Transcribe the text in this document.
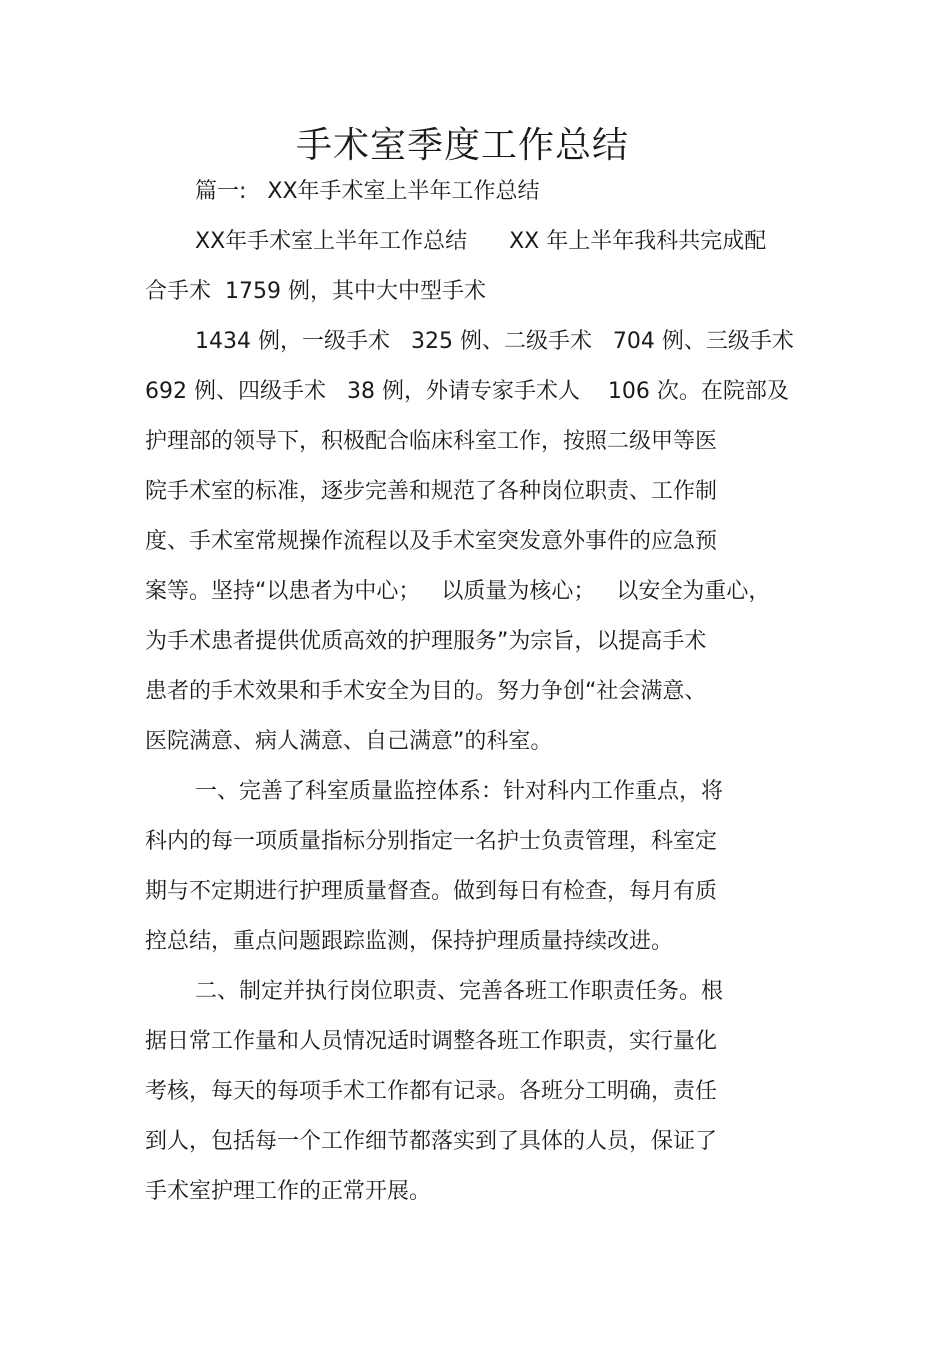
手术室季度工作总结

篇一:   XX年手术室上半年工作总结

XX年手术室上半年工作总结      XX 年上半年我科共完成配

合手术  1759 例，其中大中型手术

1434 例，一级手术   325 例、二级手术   704 例、三级手术

692 例、四级手术   38 例，外请专家手术人    106 次。在院部及

护理部的领导下，积极配合临床科室工作，按照二级甲等医

院手术室的标准，逐步完善和规范了各种岗位职责、工作制

度、手术室常规操作流程以及手术室突发意外事件的应急预

案等。坚持“以患者为中心；   以质量为核心；   以安全为重心，

为手术患者提供优质高效的护理服务”为宗旨，以提高手术

患者的手术效果和手术安全为目的。努力争创“社会满意、

医院满意、病人满意、自己满意”的科室。

一、完善了科室质量监控体系：针对科内工作重点，将

科内的每一项质量指标分别指定一名护士负责管理，科室定

期与不定期进行护理质量督查。做到每日有检查，每月有质

控总结，重点问题跟踪监测，保持护理质量持续改进。

二、制定并执行岗位职责、完善各班工作职责任务。根

据日常工作量和人员情况适时调整各班工作职责，实行量化

考核，每天的每项手术工作都有记录。各班分工明确，责任

到人，包括每一个工作细节都落实到了具体的人员，保证了

手术室护理工作的正常开展。
